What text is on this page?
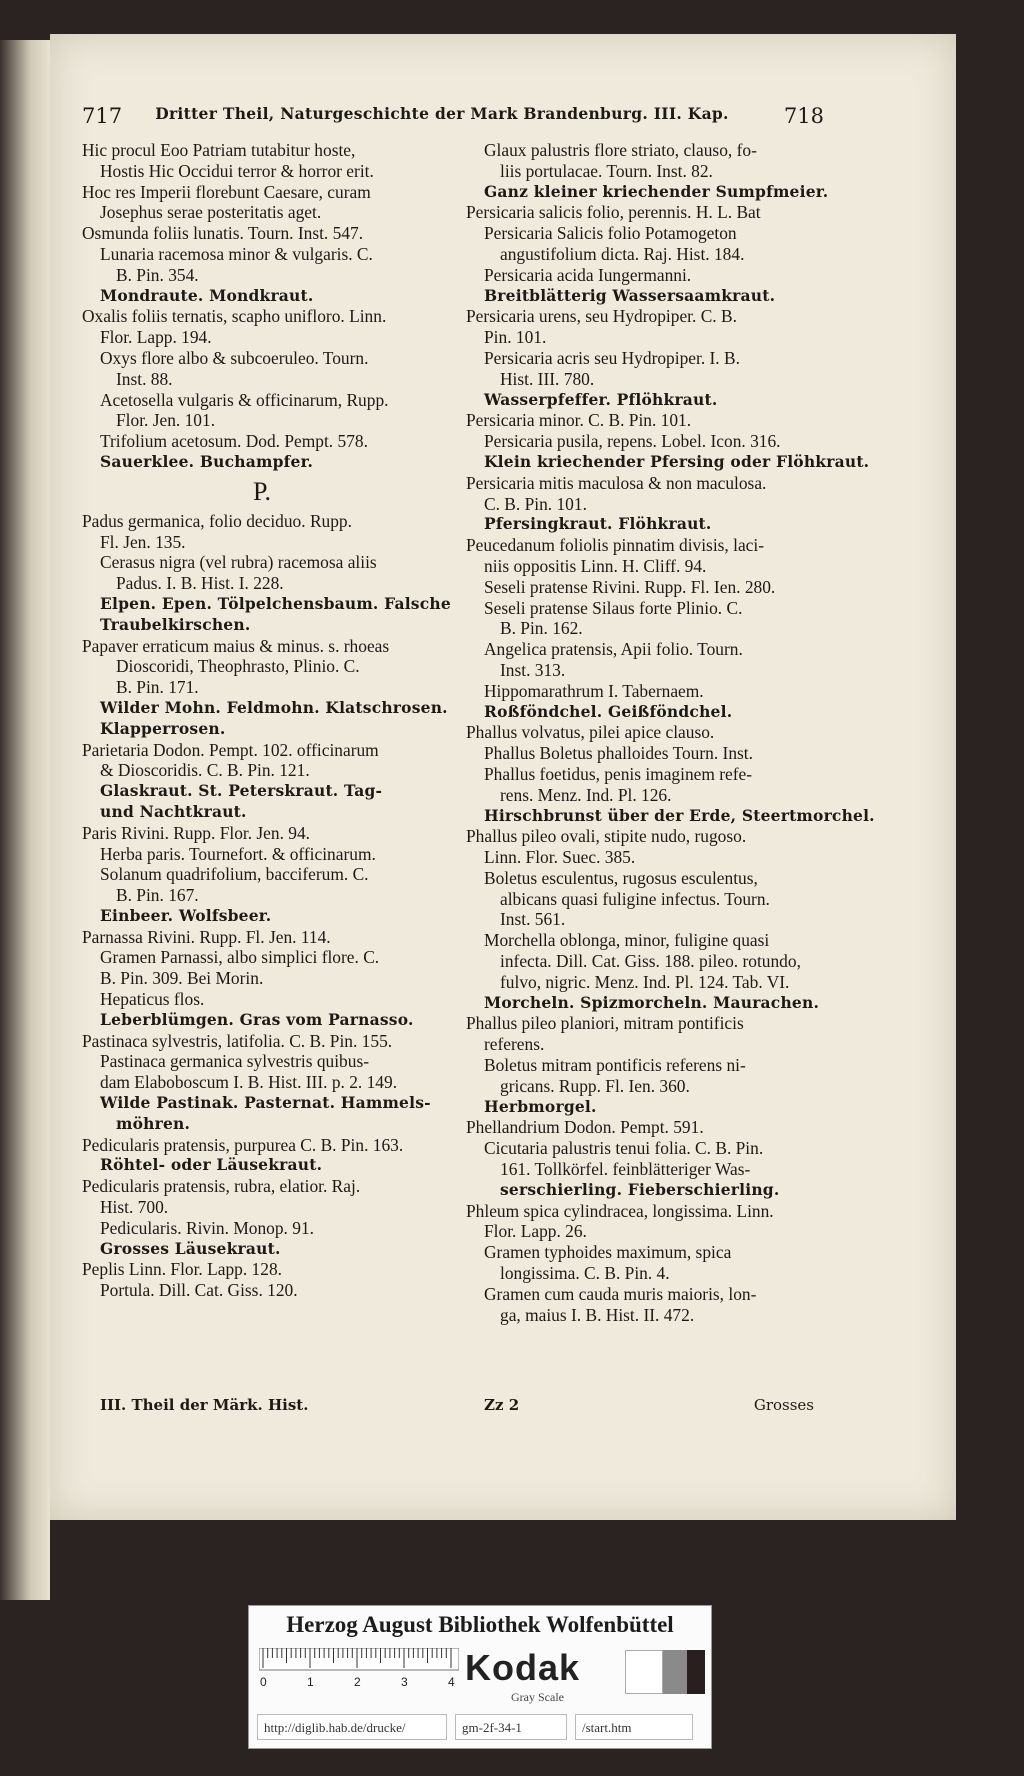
717	Dritter Theil, Naturgeschichte der Mark Brandenburg. III. Kap.	718
Hic procul Eoo Patriam tutabitur hoste,
Hostis Hic Occidui terror & horror erit.
Hoc res Imperii florebunt Caesare, curam
Josephus serae posteritatis aget.
Osmunda foliis lunatis. Tourn. Inst. 547.
Lunaria racemosa minor & vulgaris. C.
B. Pin. 354.
Mondraute. Mondkraut.
Oxalis foliis ternatis, scapho unifloro. Linn.
Flor. Lapp. 194.
Oxys flore albo & subcoeruleo. Tourn.
Inst. 88.
Acetosella vulgaris & officinarum, Rupp.
Flor. Jen. 101.
Trifolium acetosum. Dod. Pempt. 578.
Sauerklee. Buchampfer.
P.
Padus germanica, folio deciduo. Rupp.
Fl. Jen. 135.
Cerasus nigra (vel rubra) racemosa aliis
Padus. I. B. Hist. I. 228.
Elpen. Epen. Tölpelchensbaum. Falsche
Traubelkirschen.
Papaver erraticum maius & minus. s. rhoeas
Dioscoridi, Theophrasto, Plinio. C.
B. Pin. 171.
Wilder Mohn. Feldmohn. Klatschrosen.
Klapperrosen.
Parietaria Dodon. Pempt. 102. officinarum
& Dioscoridis. C. B. Pin. 121.
Glaskraut. St. Peterskraut. Tag-
und Nachtkraut.
Paris Rivini. Rupp. Flor. Jen. 94.
Herba paris. Tournefort. & officinarum.
Solanum quadrifolium, bacciferum. C.
B. Pin. 167.
Einbeer. Wolfsbeer.
Parnassa Rivini. Rupp. Fl. Jen. 114.
Gramen Parnassi, albo simplici flore. C.
B. Pin. 309. Bei Morin.
Hepaticus flos.
Leberblümgen. Gras vom Parnasso.
Pastinaca sylvestris, latifolia. C. B. Pin. 155.
Pastinaca germanica sylvestris quibus-
dam Elaboboscum I. B. Hist. III. p. 2. 149.
Wilde Pastinak. Pasternat. Hammels-
möhren.
Pedicularis pratensis, purpurea C. B. Pin. 163.
Röhtel- oder Läusekraut.
Pedicularis pratensis, rubra, elatior. Raj.
Hist. 700.
Pedicularis. Rivin. Monop. 91.
Grosses Läusekraut.
Peplis Linn. Flor. Lapp. 128.
Portula. Dill. Cat. Giss. 120.
Glaux palustris flore striato, clauso, fo-
liis portulacae. Tourn. Inst. 82.
Ganz kleiner kriechender Sumpfmeier.
Persicaria salicis folio, perennis. H. L. Bat
Persicaria Salicis folio Potamogeton
angustifolium dicta. Raj. Hist. 184.
Persicaria acida Iungermanni.
Breitblätterig Wassersaamkraut.
Persicaria urens, seu Hydropiper. C. B.
Pin. 101.
Persicaria acris seu Hydropiper. I. B.
Hist. III. 780.
Wasserpfeffer. Pflöhkraut.
Persicaria minor. C. B. Pin. 101.
Persicaria pusila, repens. Lobel. Icon. 316.
Klein kriechender Pfersing oder Flöhkraut.
Persicaria mitis maculosa & non maculosa.
C. B. Pin. 101.
Pfersingkraut. Flöhkraut.
Peucedanum foliolis pinnatim divisis, laci-
niis oppositis Linn. H. Cliff. 94.
Seseli pratense Rivini. Rupp. Fl. Ien. 280.
Seseli pratense Silaus forte Plinio. C.
B. Pin. 162.
Angelica pratensis, Apii folio. Tourn.
Inst. 313.
Hippomarathrum I. Tabernaem.
Roßföndchel. Geißföndchel.
Phallus volvatus, pilei apice clauso.
Phallus Boletus phalloides Tourn. Inst.
Phallus foetidus, penis imaginem refe-
rens. Menz. Ind. Pl. 126.
Hirschbrunst über der Erde, Steertmorchel.
Phallus pileo ovali, stipite nudo, rugoso.
Linn. Flor. Suec. 385.
Boletus esculentus, rugosus esculentus,
albicans quasi fuligine infectus. Tourn.
Inst. 561.
Morchella oblonga, minor, fuligine quasi
infecta. Dill. Cat. Giss. 188. pileo. rotundo,
fulvo, nigric. Menz. Ind. Pl. 124. Tab. VI.
Morcheln. Spizmorcheln. Maurachen.
Phallus pileo planiori, mitram pontificis
referens.
Boletus mitram pontificis referens ni-
gricans. Rupp. Fl. Ien. 360.
Herbmorgel.
Phellandrium Dodon. Pempt. 591.
Cicutaria palustris tenui folia. C. B. Pin.
161. Tollkörfel. feinblätteriger Was-
serschierling. Fieberschierling.
Phleum spica cylindracea, longissima. Linn.
Flor. Lapp. 26.
Gramen typhoides maximum, spica
longissima. C. B. Pin. 4.
Gramen cum cauda muris maioris, lon-
ga, maius I. B. Hist. II. 472.
III. Theil der Märk. Hist.	Zz 2	Grosses
Herzog August Bibliothek Wolfenbüttel
0	1	2	3	4 Kodak
Gray Scale
http://diglib.hab.de/drucke/	gm-2f-34-1	/start.htm
